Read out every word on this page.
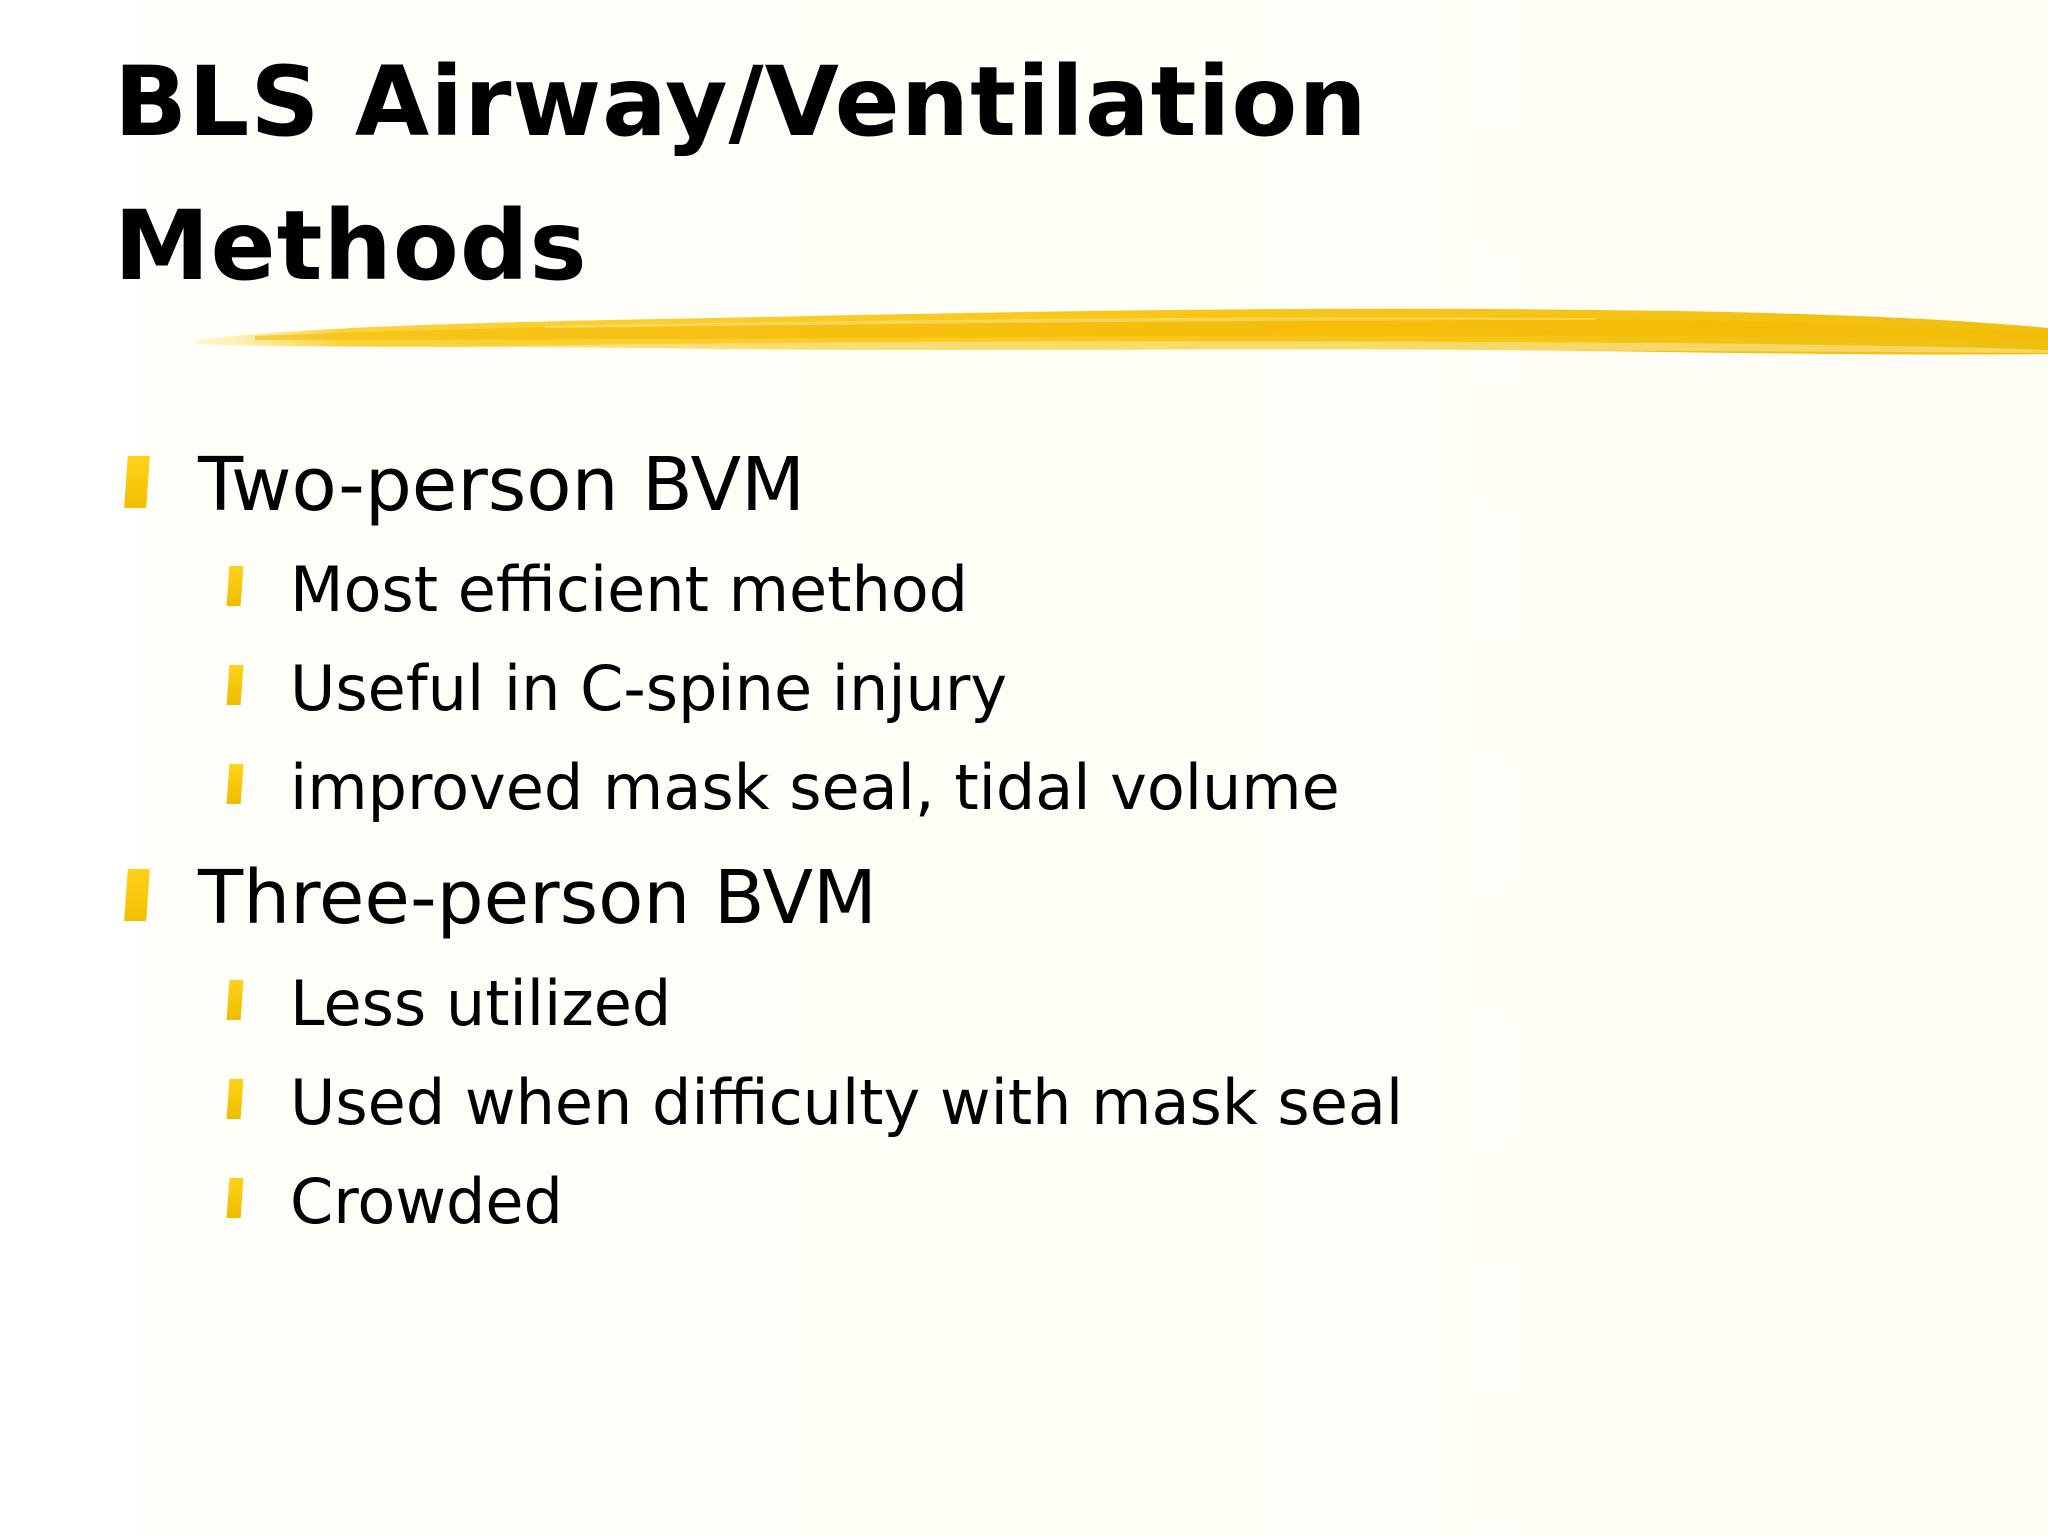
BLS Airway/Ventilation Methods
Two-person BVM
Most efficient method
Useful in C-spine injury
improved mask seal, tidal volume
Three-person BVM
Less utilized
Used when difficulty with mask seal
Crowded
